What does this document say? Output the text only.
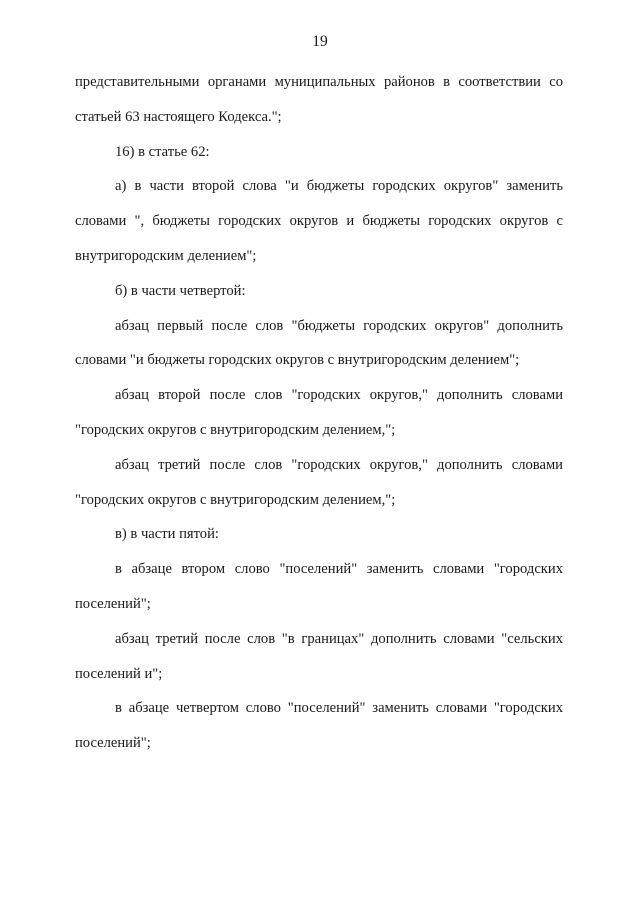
19

представительными органами муниципальных районов в соответствии со статьей 63 настоящего Кодекса.";

16) в статье 62:

а) в части второй слова "и бюджеты городских округов" заменить словами ", бюджеты городских округов и бюджеты городских округов с внутригородским делением";

б) в части четвертой:

абзац первый после слов "бюджеты городских округов" дополнить словами "и бюджеты городских округов с внутригородским делением";

абзац второй после слов "городских округов," дополнить словами "городских округов с внутригородским делением,";

абзац третий после слов "городских округов," дополнить словами "городских округов с внутригородским делением,";

в) в части пятой:

в абзаце втором слово "поселений" заменить словами "городских поселений";

абзац третий после слов "в границах" дополнить словами "сельских поселений и";

в абзаце четвертом слово "поселений" заменить словами "городских поселений";
